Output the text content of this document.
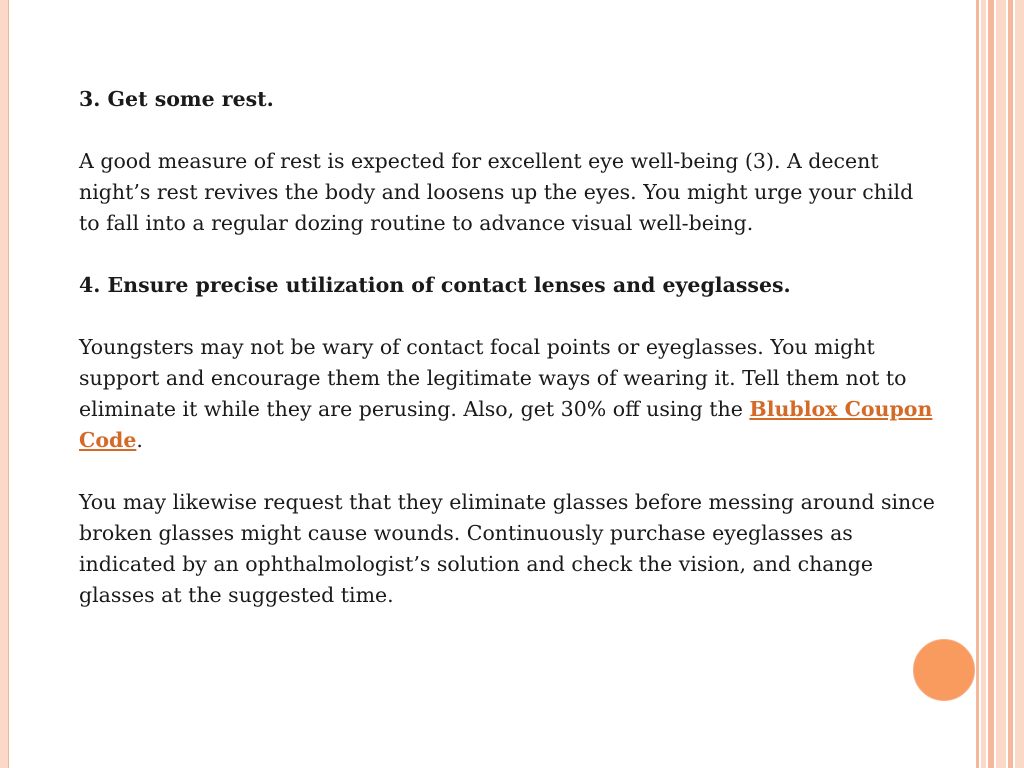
3. Get some rest.

A good measure of rest is expected for excellent eye well-being (3). A decent night’s rest revives the body and loosens up the eyes. You might urge your child to fall into a regular dozing routine to advance visual well-being.

4. Ensure precise utilization of contact lenses and eyeglasses.

Youngsters may not be wary of contact focal points or eyeglasses. You might support and encourage them the legitimate ways of wearing it. Tell them not to eliminate it while they are perusing. Also, get 30% off using the Blublox Coupon Code.

You may likewise request that they eliminate glasses before messing around since broken glasses might cause wounds. Continuously purchase eyeglasses as indicated by an ophthalmologist’s solution and check the vision, and change glasses at the suggested time.
